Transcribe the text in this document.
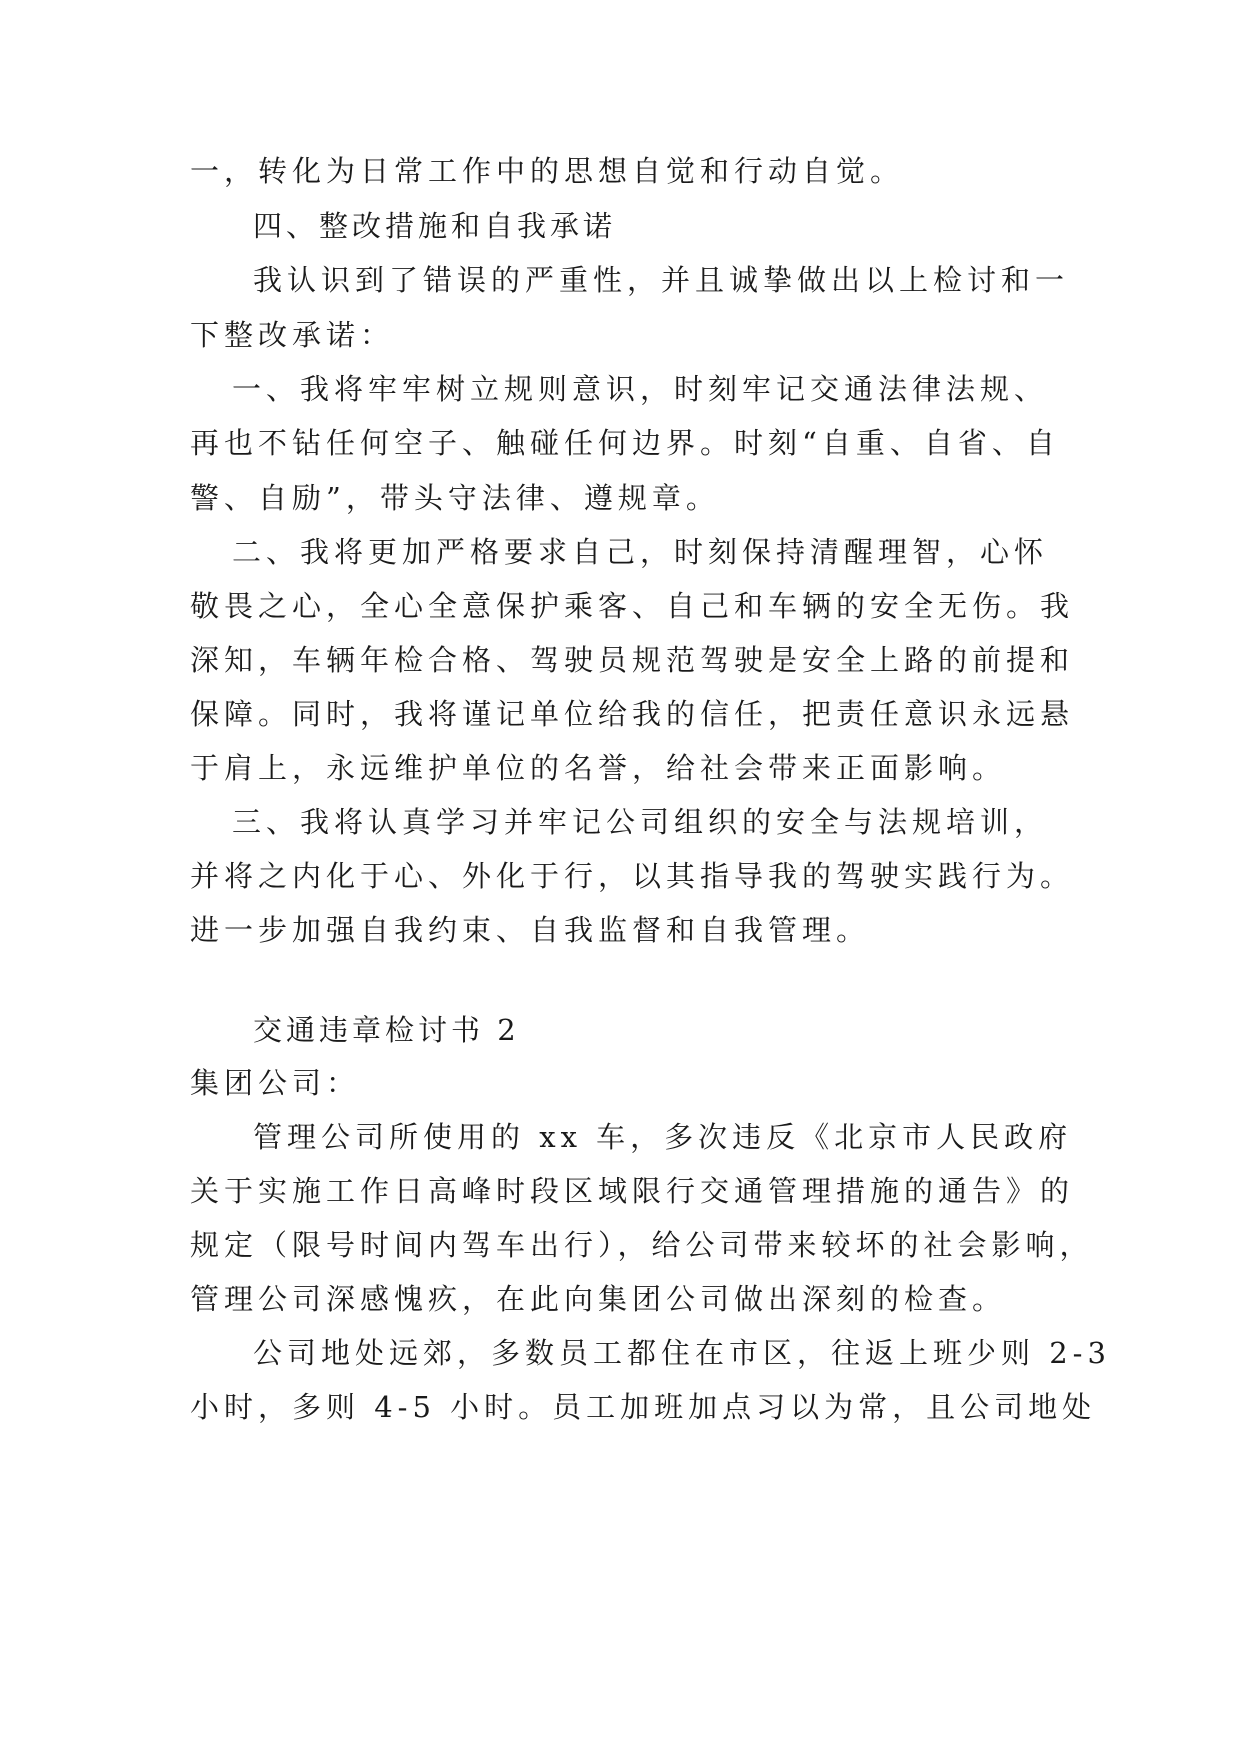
一，转化为日常工作中的思想自觉和行动自觉。
四、整改措施和自我承诺
我认识到了错误的严重性，并且诚挚做出以上检讨和一
下整改承诺：
一、我将牢牢树立规则意识，时刻牢记交通法律法规、
再也不钻任何空子、触碰任何边界。时刻“自重、自省、自
警、自励”，带头守法律、遵规章。
二、我将更加严格要求自己，时刻保持清醒理智，心怀
敬畏之心，全心全意保护乘客、自己和车辆的安全无伤。我
深知，车辆年检合格、驾驶员规范驾驶是安全上路的前提和
保障。同时，我将谨记单位给我的信任，把责任意识永远悬
于肩上，永远维护单位的名誉，给社会带来正面影响。
三、我将认真学习并牢记公司组织的安全与法规培训，
并将之内化于心、外化于行，以其指导我的驾驶实践行为。
进一步加强自我约束、自我监督和自我管理。
交通违章检讨书 2
集团公司：
管理公司所使用的 xx 车，多次违反《北京市人民政府
关于实施工作日高峰时段区域限行交通管理措施的通告》的
规定（限号时间内驾车出行），给公司带来较坏的社会影响，
管理公司深感愧疚，在此向集团公司做出深刻的检查。
公司地处远郊，多数员工都住在市区，往返上班少则 2-3
小时，多则 4-5 小时。员工加班加点习以为常，且公司地处
